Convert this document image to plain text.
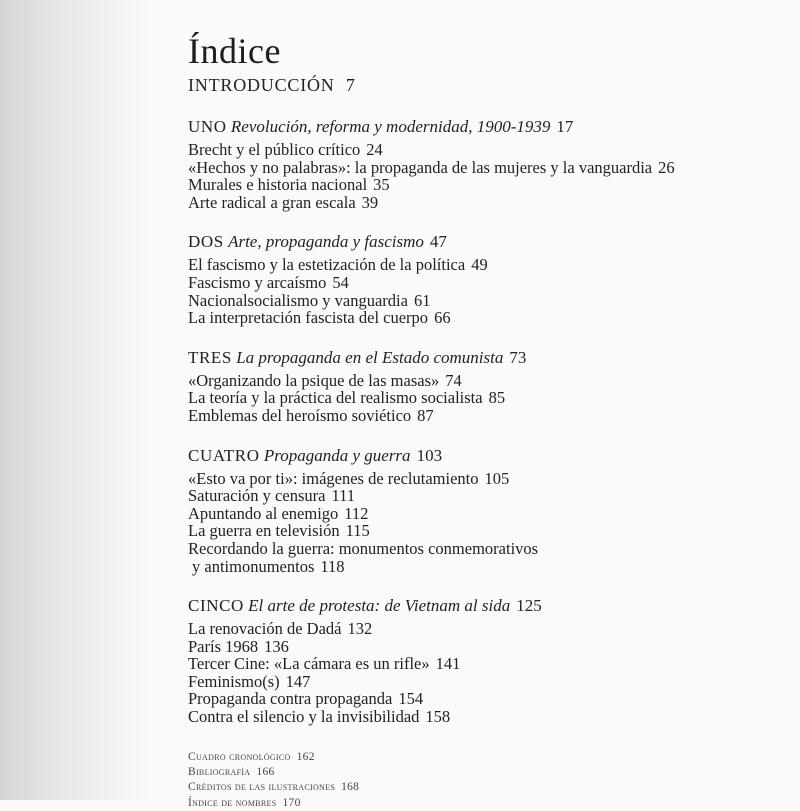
Índice
INTRODUCCIÓN 7
UNO Revolución, reforma y modernidad, 1900-1939 17
Brecht y el público crítico 24
«Hechos y no palabras»: la propaganda de las mujeres y la vanguardia 26
Murales e historia nacional 35
Arte radical a gran escala 39
DOS Arte, propaganda y fascismo 47
El fascismo y la estetización de la política 49
Fascismo y arcaísmo 54
Nacionalsocialismo y vanguardia 61
La interpretación fascista del cuerpo 66
TRES La propaganda en el Estado comunista 73
«Organizando la psique de las masas» 74
La teoría y la práctica del realismo socialista 85
Emblemas del heroísmo soviético 87
CUATRO Propaganda y guerra 103
«Esto va por ti»: imágenes de reclutamiento 105
Saturación y censura 111
Apuntando al enemigo 112
La guerra en televisión 115
Recordando la guerra: monumentos conmemorativos
y antimonumentos 118
CINCO El arte de protesta: de Vietnam al sida 125
La renovación de Dadá 132
París 1968 136
Tercer Cine: «La cámara es un rifle» 141
Feminismo(s) 147
Propaganda contra propaganda 154
Contra el silencio y la invisibilidad 158
Cuadro cronológico 162
Bibliografía 166
Créditos de las ilustraciones 168
Índice de nombres 170
